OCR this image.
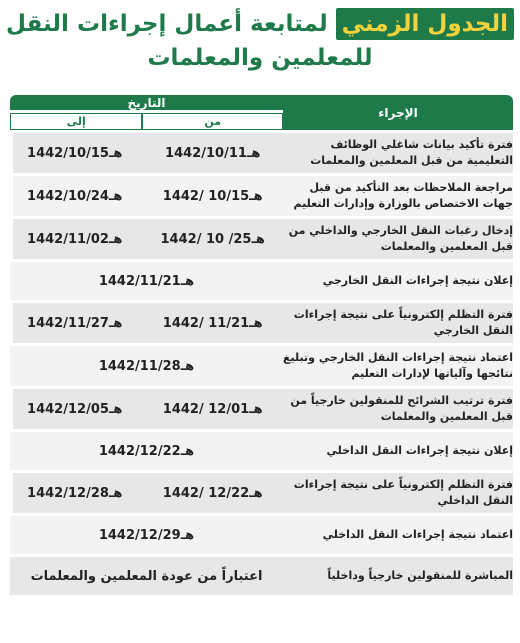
الجدول الزمني لمتابعة أعمال إجراءات النقل
للمعلمين والمعلمات
الإجراء	التاريخ	
	من	إلى
فترة تأكيد بيانات شاغلي الوظائف التعليمية من قبل المعلمين والمعلمات	1442/10/11هـ	1442/10/15هـ
مراجعة الملاحظات بعد التأكيد من قبل جهات الاختصاص بالوزارة وإدارات التعليم	1442/ 10/15هـ	1442/10/24هـ
إدخال رغبات النقل الخارجي والداخلي من قبل المعلمين والمعلمات	1442/ 10 /25هـ	1442/11/02هـ
إعلان نتيجة إجراءات النقل الخارجي	1442/11/21هـ	
فترة التظلم إلكترونياً على نتيجة إجراءات النقل الخارجي	1442/ 11/21هـ	1442/11/27هـ
اعتماد نتيجة إجراءات النقل الخارجي وتبليغ نتائجها وآلياتها لإدارات التعليم	1442/11/28هـ	
فترة ترتيب الشرائح للمنقولين خارجياً من قبل المعلمين والمعلمات	1442/ 12/01هـ	1442/12/05هـ
إعلان نتيجة إجراءات النقل الداخلي	1442/12/22هـ	
فترة التظلم إلكترونياً على نتيجة إجراءات النقل الداخلي	1442/ 12/22هـ	1442/12/28هـ
اعتماد نتيجة إجراءات النقل الداخلي	1442/12/29هـ	
المباشرة للمنقولين خارجياً وداخلياً	اعتباراً من عودة المعلمين والمعلمات	
